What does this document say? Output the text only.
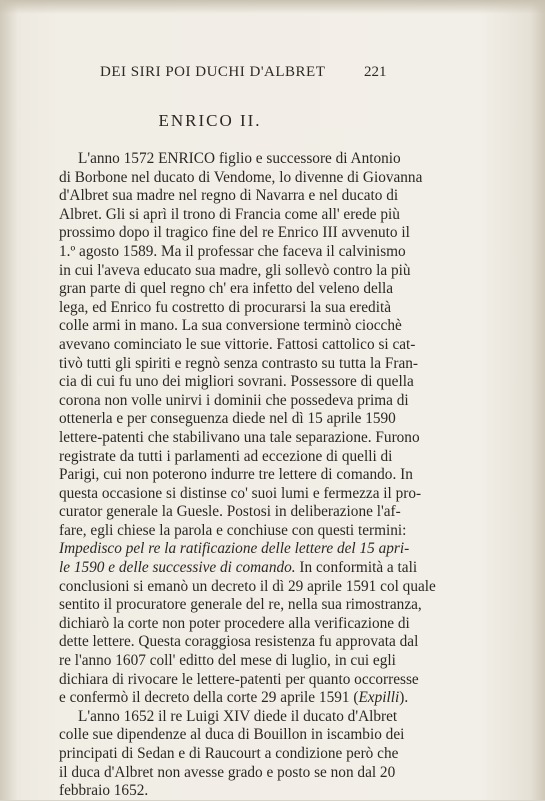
DEI SIRI POI DUCHI D'ALBRET	221
ENRICO II.
L'anno 1572 ENRICO figlio e successore di Antonio
di Borbone nel ducato di Vendome, lo divenne di Giovanna
d'Albret sua madre nel regno di Navarra e nel ducato di
Albret. Gli si aprì il trono di Francia come all' erede più
prossimo dopo il tragico fine del re Enrico III avvenuto il
1.º agosto 1589. Ma il professar che faceva il calvinismo
in cui l'aveva educato sua madre, gli sollevò contro la più
gran parte di quel regno ch' era infetto del veleno della
lega, ed Enrico fu costretto di procurarsi la sua eredità
colle armi in mano. La sua conversione terminò ciocchè
avevano cominciato le sue vittorie. Fattosi cattolico si cat-
tivò tutti gli spiriti e regnò senza contrasto su tutta la Fran-
cia di cui fu uno dei migliori sovrani. Possessore di quella
corona non volle unirvi i dominii che possedeva prima di
ottenerla e per conseguenza diede nel dì 15 aprile 1590
lettere-patenti che stabilivano una tale separazione. Furono
registrate da tutti i parlamenti ad eccezione di quelli di
Parigi, cui non poterono indurre tre lettere di comando. In
questa occasione si distinse co' suoi lumi e fermezza il pro-
curator generale la Guesle. Postosi in deliberazione l'af-
fare, egli chiese la parola e conchiuse con questi termini:
Impedisco pel re la ratificazione delle lettere del 15 apri-
le 1590 e delle successive di comando. In conformità a tali
conclusioni si emanò un decreto il dì 29 aprile 1591 col quale
sentito il procuratore generale del re, nella sua rimostranza,
dichiarò la corte non poter procedere alla verificazione di
dette lettere. Questa coraggiosa resistenza fu approvata dal
re l'anno 1607 coll' editto del mese di luglio, in cui egli
dichiara di rivocare le lettere-patenti per quanto occorresse
e confermò il decreto della corte 29 aprile 1591 (Expilli).
L'anno 1652 il re Luigi XIV diede il ducato d'Albret
colle sue dipendenze al duca di Bouillon in iscambio dei
principati di Sedan e di Raucourt a condizione però che
il duca d'Albret non avesse grado e posto se non dal 20
febbraio 1652.
